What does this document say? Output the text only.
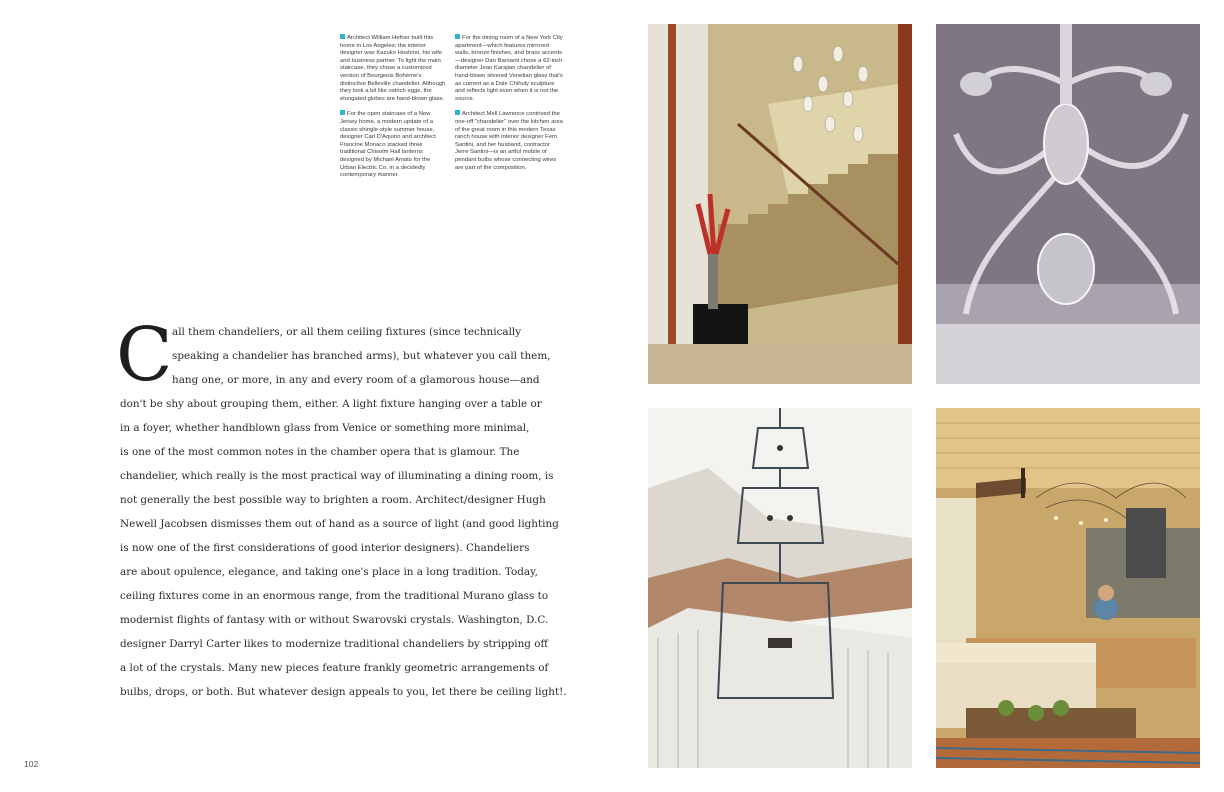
Architect William Hefner built this home in Los Angeles; the interior designer was Kazuko Hoshino, his wife and business partner. To light the main staircase, they chose a customized version of Bourgeois Bohème's distinctive Belleville chandelier. Although they look a bit like ostrich eggs, the elongated globes are hand-blown glass.
For the dining room of a New York City apartment—which features mirrored walls, bronze finishes, and brass accents—designer Dan Barsanti chose a 62-inch diameter Jean Karajian chandelier of hand-blown silvered Venetian glass that's as current as a Dale Chihuly sculpture and reflects light even when it is not the source.
For the open staircase of a New Jersey home, a modern update of a classic shingle-style summer house, designer Carl D'Aquino and architect Francine Monaco stacked three traditional Chisolm Hall lanterns designed by Michael Amato for the Urban Electric Co. in a decidedly contemporary manner.
Architect Mell Lawrence contrived the one-off "chandelier" over the kitchen area of the great room in this modern Texas ranch house with interior designer Fern Santini, and her husband, contractor Jerre Santini—is an artful mobile of pendant bulbs whose connecting wires are part of the composition.
C all them chandeliers, or all them ceiling fixtures (since technically
speaking a chandelier has branched arms), but whatever you call them,
hang one, or more, in any and every room of a glamorous house—and
don't be shy about grouping them, either. A light fixture hanging over a table or
in a foyer, whether handblown glass from Venice or something more minimal,
is one of the most common notes in the chamber opera that is glamour. The
chandelier, which really is the most practical way of illuminating a dining room, is
not generally the best possible way to brighten a room. Architect/designer Hugh
Newell Jacobsen dismisses them out of hand as a source of light (and good lighting
is now one of the first considerations of good interior designers). Chandeliers
are about opulence, elegance, and taking one's place in a long tradition. Today,
ceiling fixtures come in an enormous range, from the traditional Murano glass to
modernist flights of fantasy with or without Swarovski crystals. Washington, D.C.
designer Darryl Carter likes to modernize traditional chandeliers by stripping off
a lot of the crystals. Many new pieces feature frankly geometric arrangements of
bulbs, drops, or both. But whatever design appeals to you, let there be ceiling light!.
102
